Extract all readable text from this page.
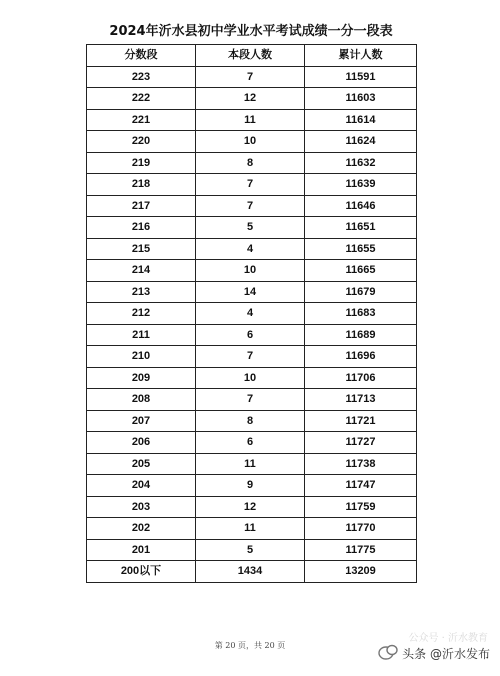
2024年沂水县初中学业水平考试成绩一分一段表
分数段	本段人数	累计人数
223	7	11591
222	12	11603
221	11	11614
220	10	11624
219	8	11632
218	7	11639
217	7	11646
216	5	11651
215	4	11655
214	10	11665
213	14	11679
212	4	11683
211	6	11689
210	7	11696
209	10	11706
208	7	11713
207	8	11721
206	6	11727
205	11	11738
204	9	11747
203	12	11759
202	11	11770
201	5	11775
200以下	1434	13209
第 20 页，共 20 页
公众号 · 沂水教育
头条 @沂水发布
